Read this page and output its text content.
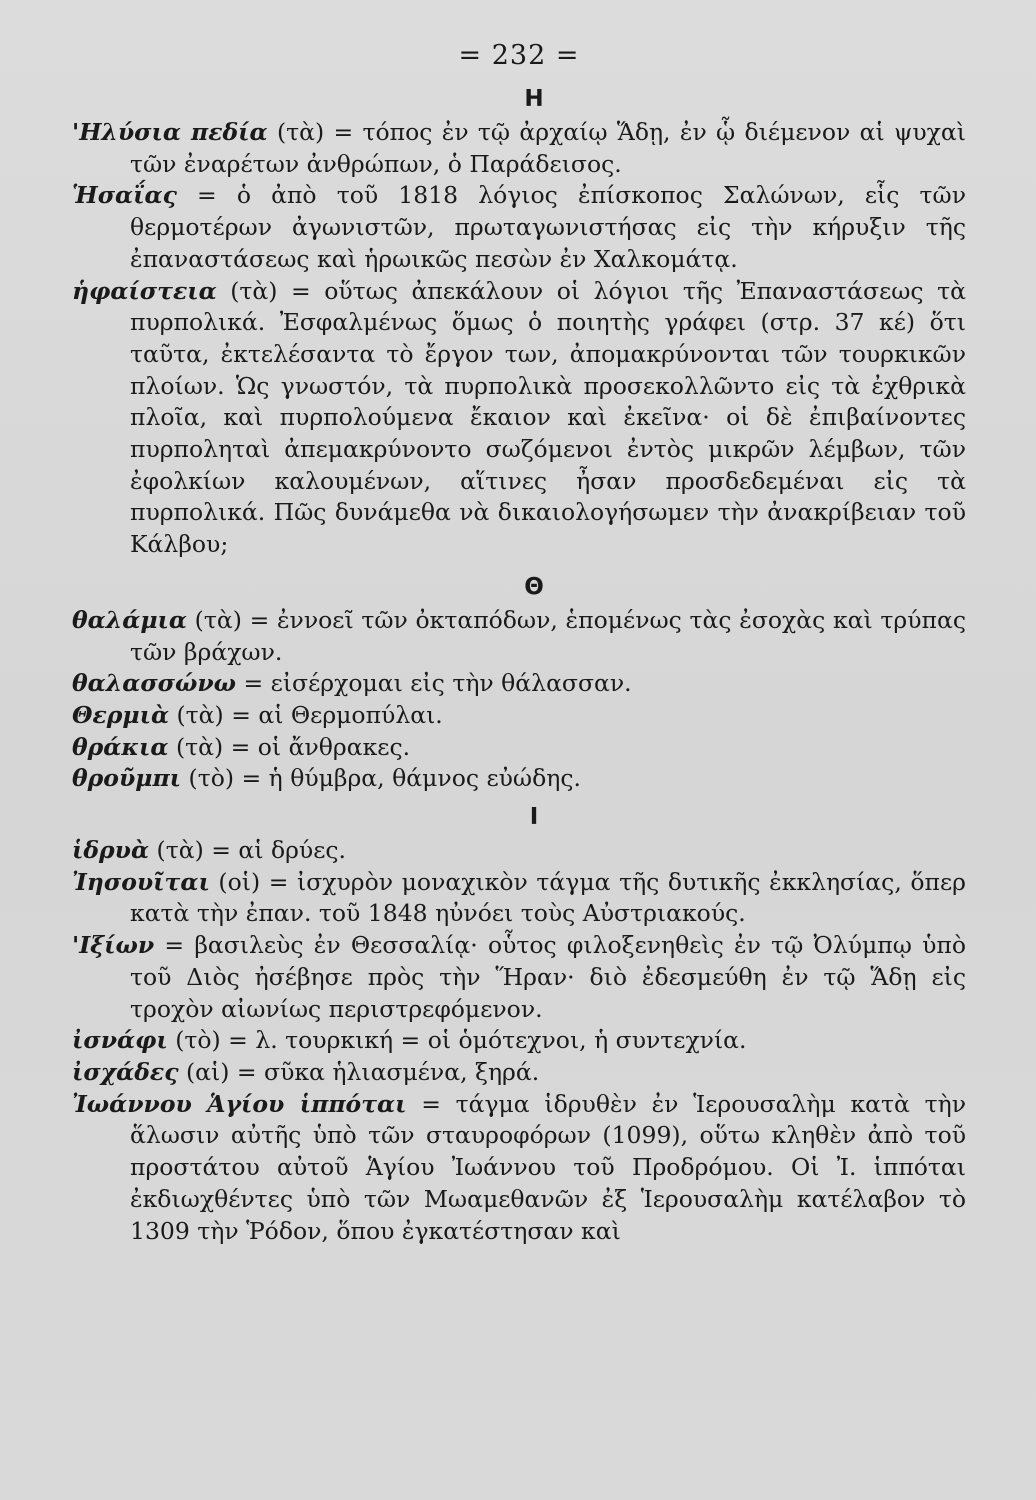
= 232 =
Η

'Ηλύσια πεδία (τὰ) = τόπος ἐν τῷ ἀρχαίῳ Ἅδῃ, ἐν ᾧ διέμενον αἱ ψυχαὶ τῶν ἐναρέτων ἀνθρώπων, ὁ Παράδεισος.

Ἡσαΐας = ὁ ἀπὸ τοῦ 1818 λόγιος ἐπίσκοπος Σαλώνων, εἷς τῶν θερμοτέρων ἀγωνιστῶν, πρωταγωνιστήσας εἰς τὴν κήρυξιν τῆς ἐπαναστάσεως καὶ ἡρωικῶς πεσὼν ἐν Χαλκομάτᾳ.

ἡφαίστεια (τὰ) = οὕτως ἀπεκάλουν οἱ λόγιοι τῆς Ἐπαναστάσεως τὰ πυρπολικά. Ἐσφαλμένως ὅμως ὁ ποιητὴς γράφει (στρ. 37 κέ) ὅτι ταῦτα, ἐκτελέσαντα τὸ ἔργον των, ἀπομακρύνονται τῶν τουρκικῶν πλοίων. Ὡς γνωστόν, τὰ πυρπολικὰ προσεκολλῶντο εἰς τὰ ἐχθρικὰ πλοῖα, καὶ πυρπολούμενα ἔκαιον καὶ ἐκεῖνα· οἱ δὲ ἐπιβαίνοντες πυρποληταὶ ἀπεμακρύνοντο σωζόμενοι ἐντὸς μικρῶν λέμβων, τῶν ἐφολκίων καλουμένων, αἵτινες ἦσαν προσδεδεμέναι εἰς τὰ πυρπολικά. Πῶς δυνάμεθα νὰ δικαιολογήσωμεν τὴν ἀνακρίβειαν τοῦ Κάλβου;

Θ

θαλάμια (τὰ) = ἐννοεῖ τῶν ὀκταπόδων, ἑπομένως τὰς ἐσοχὰς καὶ τρύπας τῶν βράχων.

θαλασσώνω = εἰσέρχομαι εἰς τὴν θάλασσαν.

Θερμιὰ (τὰ) = αἱ Θερμοπύλαι.

θράκια (τὰ) = οἱ ἄνθρακες.

θροῦμπι (τὸ) = ἡ θύμβρα, θάμνος εὐώδης.

Ι

ἱδρυὰ (τὰ) = αἱ δρύες.

Ἰησουῖται (οἱ) = ἰσχυρὸν μοναχικὸν τάγμα τῆς δυτικῆς ἐκκλησίας, ὅπερ κατὰ τὴν ἐπαν. τοῦ 1848 ηὐνόει τοὺς Αὐστριακούς.

'Ιξίων = βασιλεὺς ἐν Θεσσαλίᾳ· οὗτος φιλοξενηθεὶς ἐν τῷ Ὀλύμπῳ ὑπὸ τοῦ Διὸς ἠσέβησε πρὸς τὴν Ἥραν· διὸ ἐδεσμεύθη ἐν τῷ Ἅδῃ εἰς τροχὸν αἰωνίως περιστρεφόμενον.

ἰσνάφι (τὸ) = λ. τουρκική = οἱ ὁμότεχνοι, ἡ συντεχνία.

ἰσχάδες (αἱ) = σῦκα ἡλιασμένα, ξηρά.

Ἰωάννου Ἁγίου ἱππόται = τάγμα ἱδρυθὲν ἐν Ἱερουσαλὴμ κατὰ τὴν ἅλωσιν αὐτῆς ὑπὸ τῶν σταυροφόρων (1099), οὕτω κληθὲν ἀπὸ τοῦ προστάτου αὐτοῦ Ἁγίου Ἰωάννου τοῦ Προδρόμου. Οἱ Ἰ. ἱππόται ἐκδιωχθέντες ὑπὸ τῶν Μωαμεθανῶν ἐξ Ἱερουσαλὴμ κατέλαβον τὸ 1309 τὴν Ῥόδον, ὅπου ἐγκατέστησαν καὶ
